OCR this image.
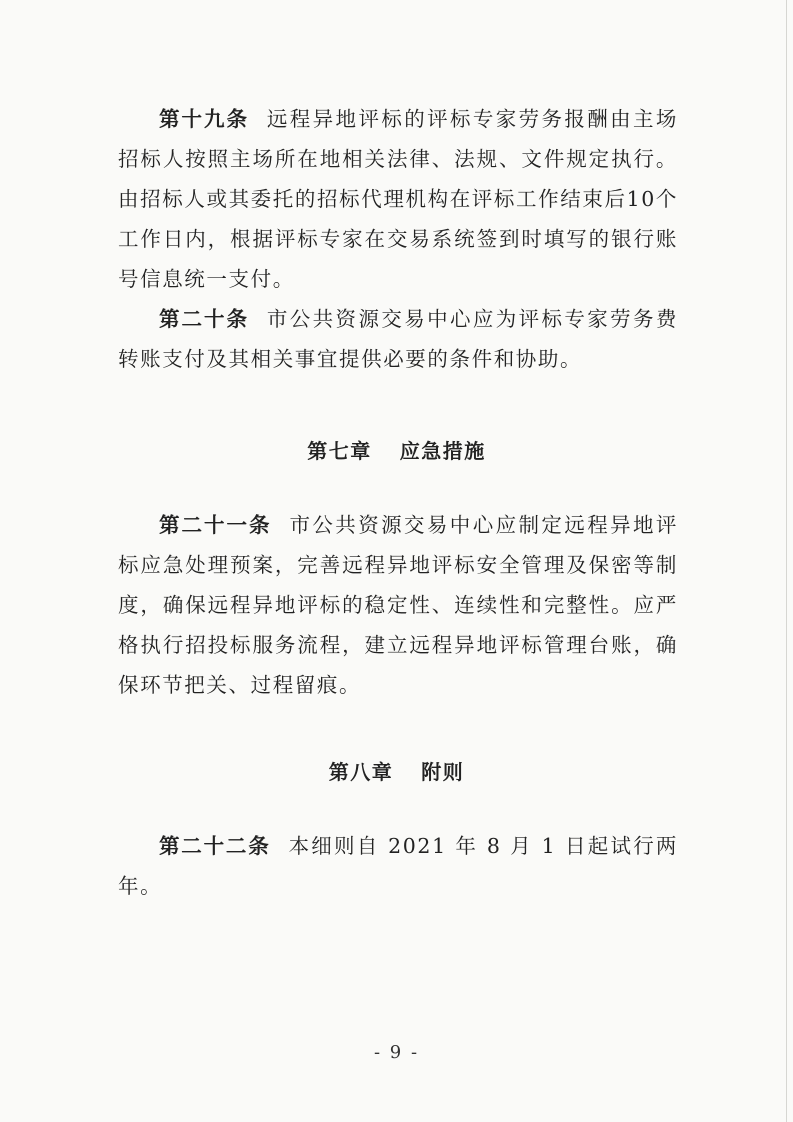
第十九条 远程异地评标的评标专家劳务报酬由主场招标人按照主场所在地相关法律、法规、文件规定执行。由招标人或其委托的招标代理机构在评标工作结束后10个工作日内，根据评标专家在交易系统签到时填写的银行账号信息统一支付。

第二十条 市公共资源交易中心应为评标专家劳务费转账支付及其相关事宜提供必要的条件和协助。

第七章 应急措施

第二十一条 市公共资源交易中心应制定远程异地评标应急处理预案，完善远程异地评标安全管理及保密等制度，确保远程异地评标的稳定性、连续性和完整性。应严格执行招投标服务流程，建立远程异地评标管理台账，确保环节把关、过程留痕。

第八章 附则

第二十二条 本细则自 2021 年 8 月 1 日起试行两年。

- 9 -
